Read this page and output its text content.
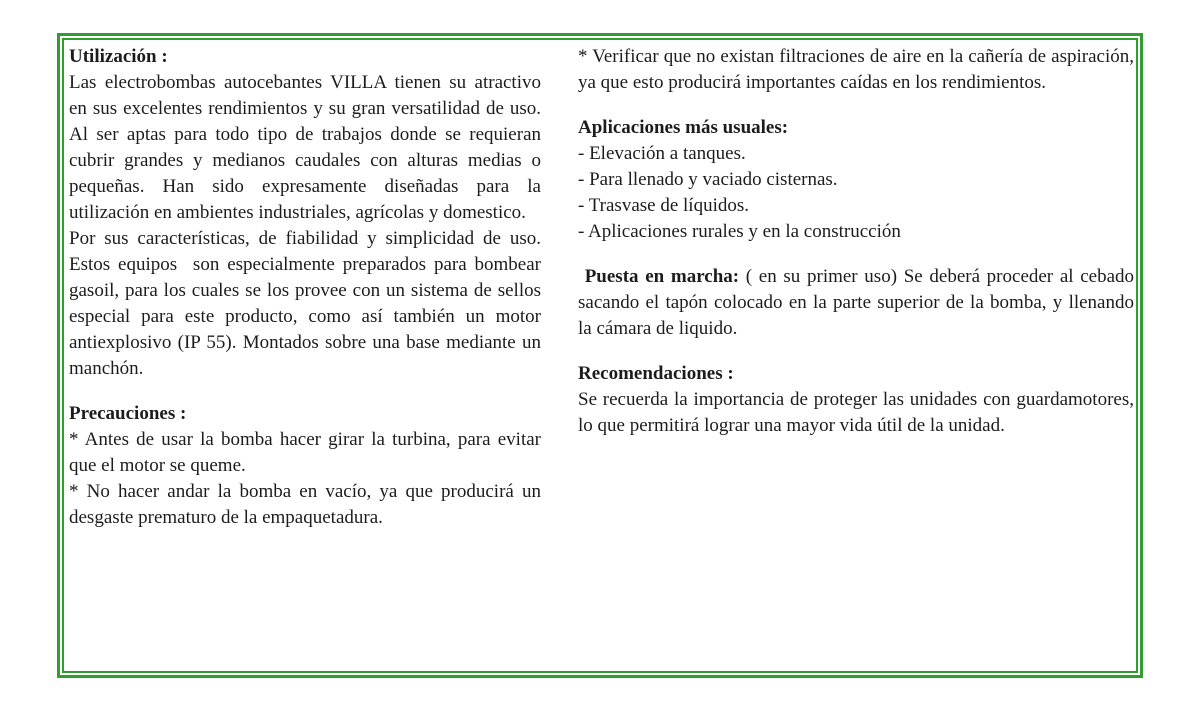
Utilización :
Las electrobombas autocebantes VILLA tienen su atractivo en sus excelentes rendimientos y su gran versatilidad de uso. Al ser aptas para todo tipo de trabajos donde se requieran cubrir grandes y medianos caudales con alturas medias o pequeñas. Han sido expresamente diseñadas para la utilización en ambientes industriales, agrícolas y domestico.
Por sus características, de fiabilidad y simplicidad de uso. Estos equipos  son especialmente preparados para bombear gasoil, para los cuales se los provee con un sistema de sellos especial para este producto, como así también un motor antiexplosivo (IP 55). Montados sobre una base mediante un manchón.
Precauciones :
* Antes de usar la bomba hacer girar la turbina, para evitar que el motor se queme.
* No hacer andar la bomba en vacío, ya que producirá un desgaste prematuro de la empaquetadura.
* Verificar que no existan filtraciones de aire en la cañería de aspiración, ya que esto producirá importantes caídas en los rendimientos.
Aplicaciones más usuales:
- Elevación a tanques.
- Para llenado y vaciado cisternas.
- Trasvase de líquidos.
- Aplicaciones rurales y en la construcción
Puesta en marcha: ( en su primer uso) Se deberá proceder al cebado sacando el tapón colocado en la parte superior de la bomba, y llenando la cámara de liquido.
Recomendaciones :
Se recuerda la importancia de proteger las unidades con guardamotores, lo que permitirá lograr una mayor vida útil de la unidad.
